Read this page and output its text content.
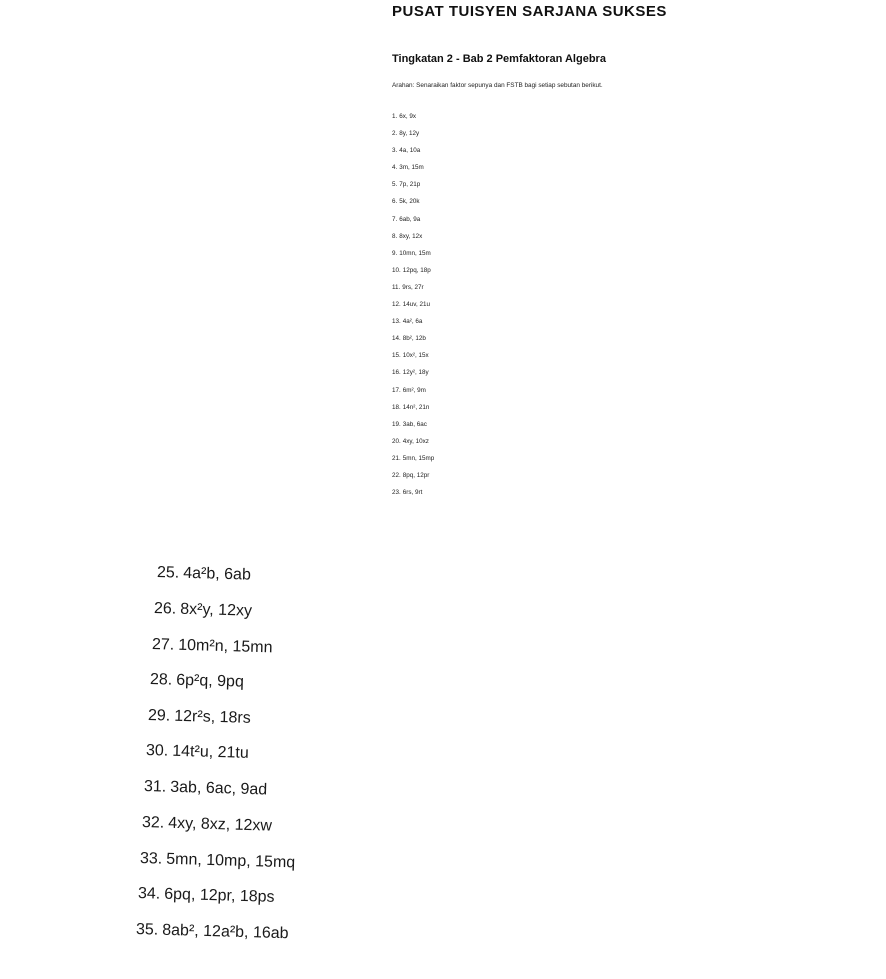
PUSAT TUISYEN SARJANA SUKSES
Tingkatan 2 - Bab 2 Pemfaktoran Algebra

Arahan: Senaraikan faktor sepunya dan FSTB bagi setiap sebutan berikut.

1. 6x, 9x
2. 8y, 12y
3. 4a, 10a
4. 3m, 15m
5. 7p, 21p
6. 5k, 20k
7. 6ab, 9a
8. 8xy, 12x
9. 10mn, 15m
10. 12pq, 18p
11. 9rs, 27r
12. 14uv, 21u
13. 4a², 6a
14. 8b², 12b
15. 10x², 15x
16. 12y², 18y
17. 6m², 9m
18. 14n², 21n
19. 3ab, 6ac
20. 4xy, 10xz
21. 5mn, 15mp
22. 8pq, 12pr
23. 6rs, 9rt
25. 4a²b, 6ab
26. 8x²y, 12xy
27. 10m²n, 15mn
28. 6p²q, 9pq
29. 12r²s, 18rs
30. 14t²u, 21tu
31. 3ab, 6ac, 9ad
32. 4xy, 8xz, 12xw
33. 5mn, 10mp, 15mq
34. 6pq, 12pr, 18ps
35. 8ab², 12a²b, 16ab
